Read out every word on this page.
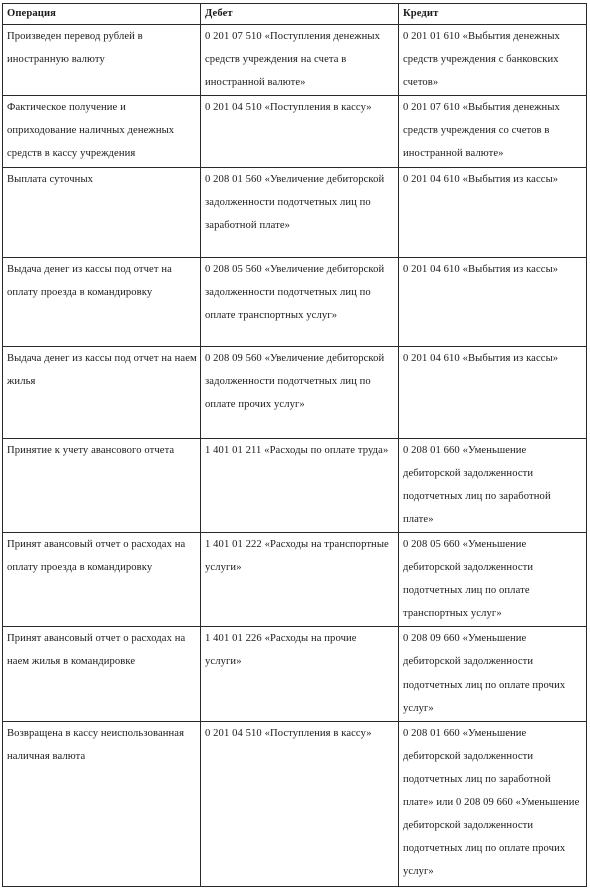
Операция	Дебет	Кредит
Произведен перевод рублей в иностранную валюту	0 201 07 510 «Поступления денежных средств учреждения на счета в иностранной валюте»	0 201 01 610 «Выбытия денежных средств учреждения с банковских счетов»
Фактическое получение и оприходование наличных денежных средств в кассу учреждения	0 201 04 510 «Поступления в кассу»	0 201 07 610 «Выбытия денежных средств учреждения со счетов в иностранной валюте»
Выплата суточных	0 208 01 560 «Увеличение дебиторской задолженности подотчетных лиц по заработной плате»	0 201 04 610 «Выбытия из кассы»
Выдача денег из кассы под отчет на оплату проезда в командировку	0 208 05 560 «Увеличение дебиторской задолженности подотчетных лиц по оплате транспортных услуг»	0 201 04 610 «Выбытия из кассы»
Выдача денег из кассы под отчет на наем жилья	0 208 09 560 «Увеличение дебиторской задолженности подотчетных лиц по оплате прочих услуг»	0 201 04 610 «Выбытия из кассы»
Принятие к учету авансового отчета	1 401 01 211 «Расходы по оплате труда»	0 208 01 660 «Уменьшение дебиторской задолженности подотчетных лиц по заработной плате»
Принят авансовый отчет о расходах на оплату проезда в командировку	1 401 01 222 «Расходы на транспортные услуги»	0 208 05 660 «Уменьшение дебиторской задолженности подотчетных лиц по оплате транспортных услуг»
Принят авансовый отчет о расходах на наем жилья в командировке	1 401 01 226 «Расходы на прочие услуги»	0 208 09 660 «Уменьшение дебиторской задолженности подотчетных лиц по оплате прочих услуг»
Возвращена в кассу неиспользованная наличная валюта	0 201 04 510 «Поступления в кассу»	0 208 01 660 «Уменьшение дебиторской задолженности подотчетных лиц по заработной плате» или 0 208 09 660 «Уменьшение дебиторской задолженности подотчетных лиц по оплате прочих услуг»
